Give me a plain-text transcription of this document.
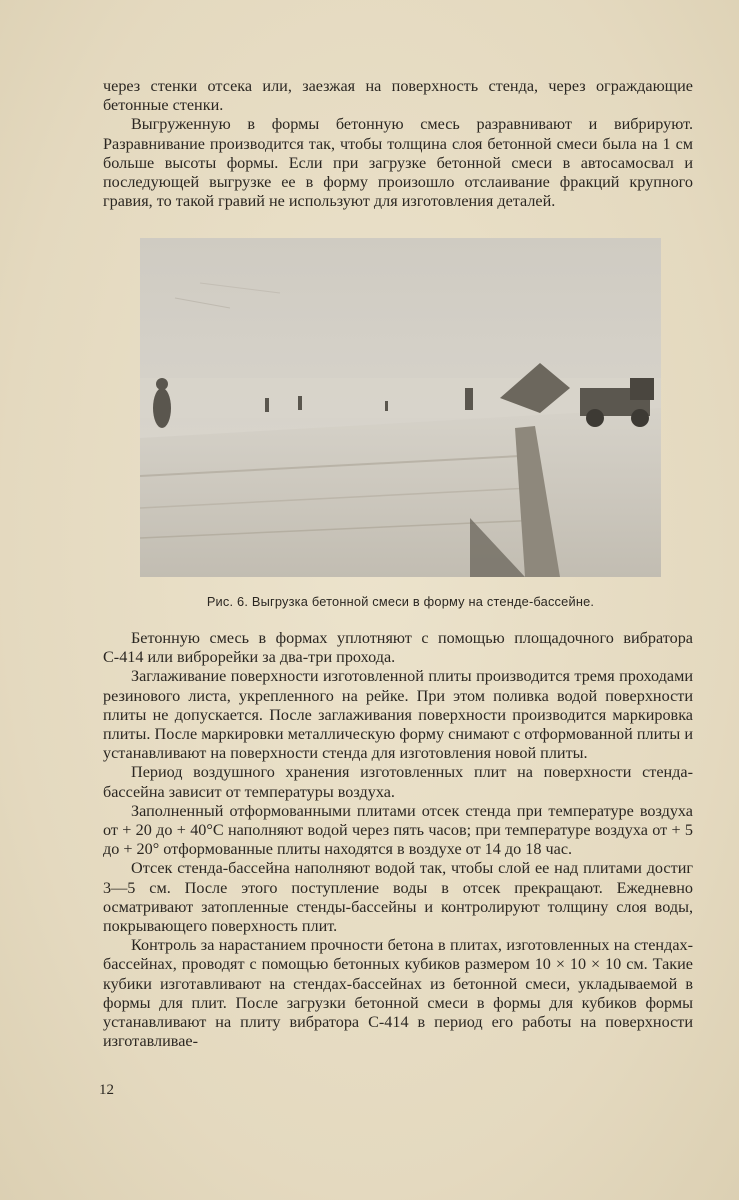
через стенки отсека или, заезжая на поверхность стенда, через ограждающие бетонные стенки.

Выгруженную в формы бетонную смесь разравнивают и вибрируют. Разравнивание производится так, чтобы толщина слоя бетонной смеси была на 1 см больше высоты формы. Если при загрузке бетонной смеси в автосамосвал и последующей выгрузке ее в форму произошло отслаивание фракций крупного гравия, то такой гравий не используют для изготовления деталей.

Рис. 6. Выгрузка бетонной смеси в форму на стенде-бассейне.

Бетонную смесь в формах уплотняют с помощью площадочного вибратора С-414 или виброрейки за два-три прохода.

Заглаживание поверхности изготовленной плиты производится тремя проходами резинового листа, укрепленного на рейке. При этом поливка водой поверхности плиты не допускается. После заглаживания поверхности производится маркировка плиты. После маркировки металлическую форму снимают с отформованной плиты и устанавливают на поверхности стенда для изготовления новой плиты.

Период воздушного хранения изготовленных плит на поверхности стенда-бассейна зависит от температуры воздуха.

Заполненный отформованными плитами отсек стенда при температуре воздуха от + 20 до + 40°С наполняют водой через пять часов; при температуре воздуха от + 5 до + 20° отформованные плиты находятся в воздухе от 14 до 18 час.

Отсек стенда-бассейна наполняют водой так, чтобы слой ее над плитами достиг 3—5 см. После этого поступление воды в отсек прекращают. Ежедневно осматривают затопленные стенды-бассейны и контролируют толщину слоя воды, покрывающего поверхность плит.

Контроль за нарастанием прочности бетона в плитах, изготовленных на стендах-бассейнах, проводят с помощью бетонных кубиков размером 10 × 10 × 10 см. Такие кубики изготавливают на стендах-бассейнах из бетонной смеси, укладываемой в формы для плит. После загрузки бетонной смеси в формы для кубиков формы устанавливают на плиту вибратора С-414 в период его работы на поверхности изготавливае-

12
